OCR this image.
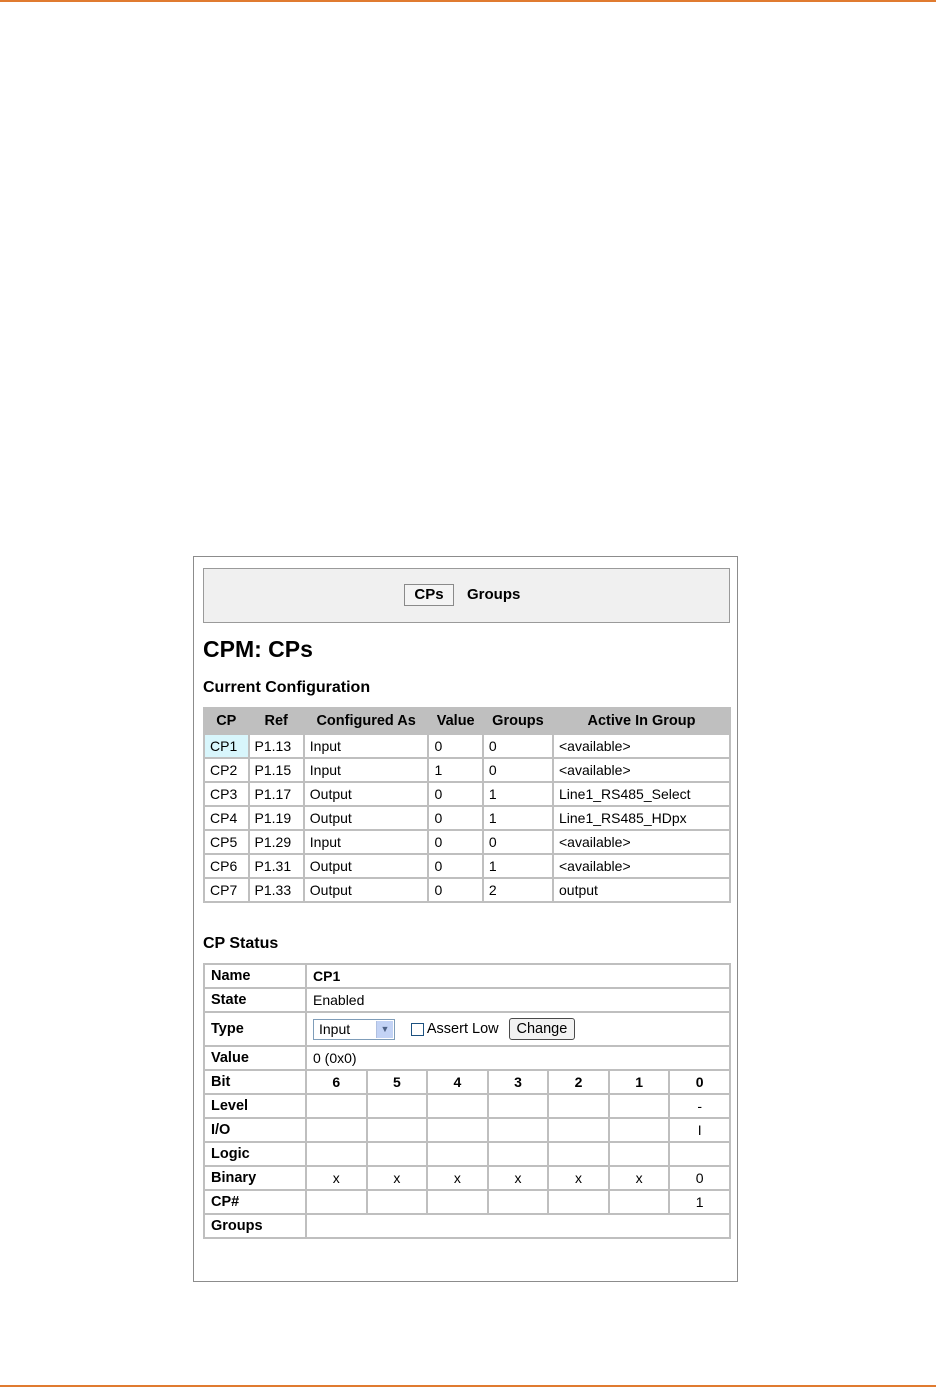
CPs	Groups
CPM: CPs
Current Configuration
CP	Ref	Configured As	Value	Groups	Active In Group
CP1	P1.13	Input	0	0	<available>
CP2	P1.15	Input	1	0	<available>
CP3	P1.17	Output	0	1	Line1_RS485_Select
CP4	P1.19	Output	0	1	Line1_RS485_HDpx
CP5	P1.29	Input	0	0	<available>
CP6	P1.31	Output	0	1	<available>
CP7	P1.33	Output	0	2	output
CP Status
Name	CP1						
State	Enabled						
Type	Input ▼ Assert Low Change						
Value	0 (0x0)						
Bit	6	5	4	3	2	1	0
Level							-
I/O							I
Logic							
Binary	x	x	x	x	x	x	0
CP#							1
Groups							
